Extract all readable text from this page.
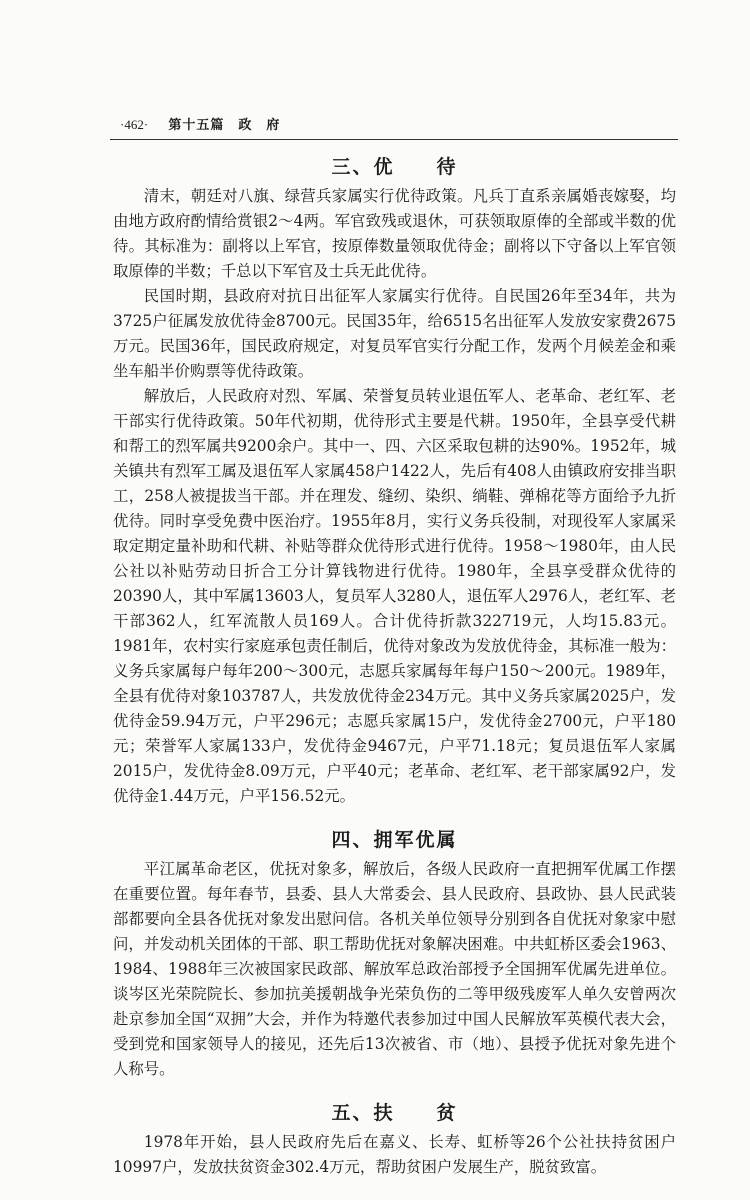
·462· 第十五篇　政　府
三、优　　待

清末，朝廷对八旗、绿营兵家属实行优待政策。凡兵丁直系亲属婚丧嫁娶，均由地方政府酌情给赏银2～4两。军官致残或退休，可获领取原俸的全部或半数的优待。其标准为：副将以上军官，按原俸数量领取优待金；副将以下守备以上军官领取原俸的半数；千总以下军官及士兵无此优待。

民国时期，县政府对抗日出征军人家属实行优待。自民国26年至34年，共为3725户征属发放优待金8700元。民国35年，给6515名出征军人发放安家费2675万元。民国36年，国民政府规定，对复员军官实行分配工作，发两个月候差金和乘坐车船半价购票等优待政策。

解放后，人民政府对烈、军属、荣誉复员转业退伍军人、老革命、老红军、老干部实行优待政策。50年代初期，优待形式主要是代耕。1950年，全县享受代耕和帮工的烈军属共9200余户。其中一、四、六区采取包耕的达90%。1952年，城关镇共有烈军工属及退伍军人家属458户1422人，先后有408人由镇政府安排当职工，258人被提拔当干部。并在理发、缝纫、染织、绱鞋、弹棉花等方面给予九折优待。同时享受免费中医治疗。1955年8月，实行义务兵役制，对现役军人家属采取定期定量补助和代耕、补贴等群众优待形式进行优待。1958～1980年，由人民公社以补贴劳动日折合工分计算钱物进行优待。1980年，全县享受群众优待的20390人，其中军属13603人，复员军人3280人，退伍军人2976人，老红军、老干部362人，红军流散人员169人。合计优待折款322719元，人均15.83元。1981年，农村实行家庭承包责任制后，优待对象改为发放优待金，其标准一般为：义务兵家属每户每年200～300元，志愿兵家属每年每户150～200元。1989年，全县有优待对象103787人，共发放优待金234万元。其中义务兵家属2025户，发优待金59.94万元，户平296元；志愿兵家属15户，发优待金2700元，户平180元；荣誉军人家属133户，发优待金9467元，户平71.18元；复员退伍军人家属2015户，发优待金8.09万元，户平40元；老革命、老红军、老干部家属92户，发优待金1.44万元，户平156.52元。

四、拥军优属

平江属革命老区，优抚对象多，解放后，各级人民政府一直把拥军优属工作摆在重要位置。每年春节，县委、县人大常委会、县人民政府、县政协、县人民武装部都要向全县各优抚对象发出慰问信。各机关单位领导分别到各自优抚对象家中慰问，并发动机关团体的干部、职工帮助优抚对象解决困难。中共虹桥区委会1963、1984、1988年三次被国家民政部、解放军总政治部授予全国拥军优属先进单位。谈岑区光荣院院长、参加抗美援朝战争光荣负伤的二等甲级残废军人单久安曾两次赴京参加全国“双拥”大会，并作为特邀代表参加过中国人民解放军英模代表大会，受到党和国家领导人的接见，还先后13次被省、市（地）、县授予优抚对象先进个人称号。

五、扶　　贫

1978年开始，县人民政府先后在嘉义、长寿、虹桥等26个公社扶持贫困户10997户，发放扶贫资金302.4万元，帮助贫困户发展生产，脱贫致富。
